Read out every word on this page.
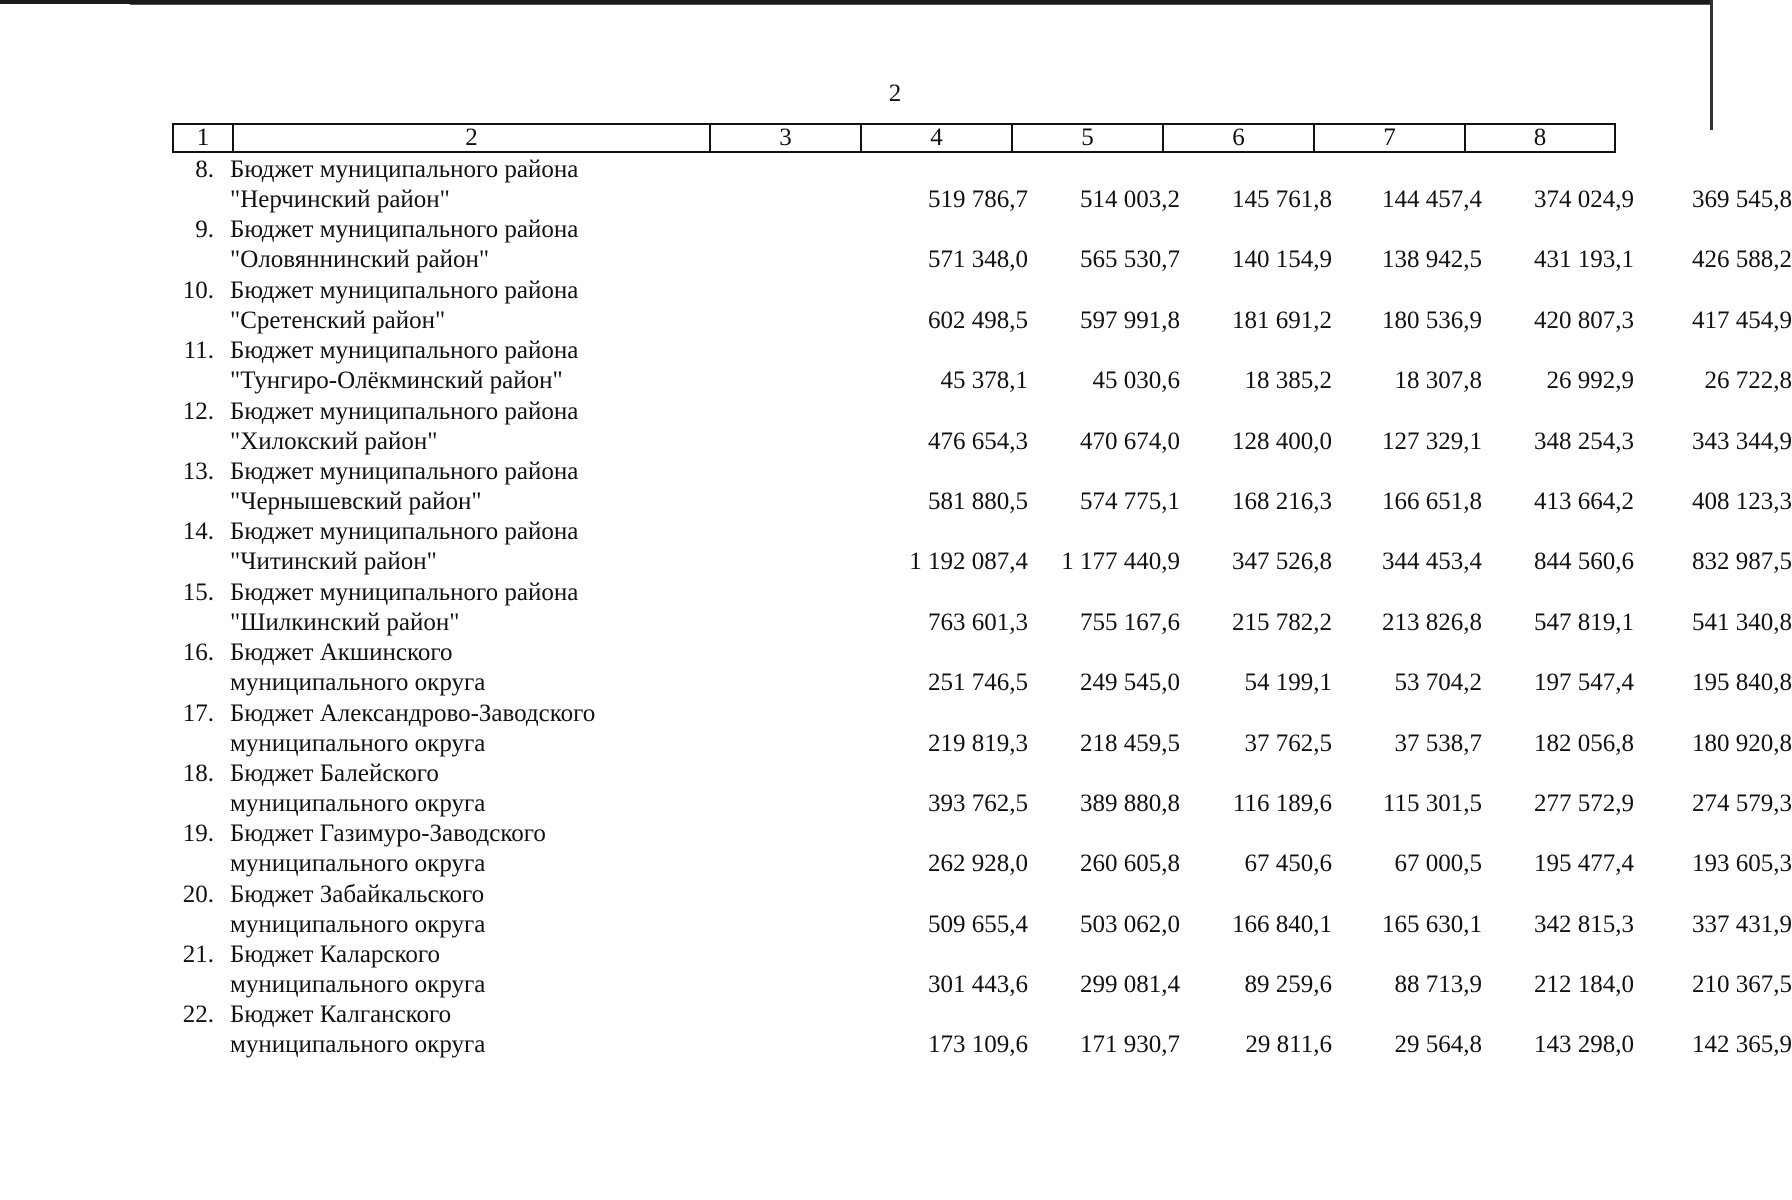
2
1	2	3	4	5	6	7	8
8. Бюджет муниципального района
"Нерчинский район"	519 786,7	514 003,2	145 761,8	144 457,4	374 024,9	369 545,8
9. Бюджет муниципального района
"Оловяннинский район"	571 348,0	565 530,7	140 154,9	138 942,5	431 193,1	426 588,2
10. Бюджет муниципального района
"Сретенский район"	602 498,5	597 991,8	181 691,2	180 536,9	420 807,3	417 454,9
11. Бюджет муниципального района
"Тунгиро-Олёкминский район"	45 378,1	45 030,6	18 385,2	18 307,8	26 992,9	26 722,8
12. Бюджет муниципального района
"Хилокский район"	476 654,3	470 674,0	128 400,0	127 329,1	348 254,3	343 344,9
13. Бюджет муниципального района
"Чернышевский район"	581 880,5	574 775,1	168 216,3	166 651,8	413 664,2	408 123,3
14. Бюджет муниципального района
"Читинский район"	1 192 087,4	1 177 440,9	347 526,8	344 453,4	844 560,6	832 987,5
15. Бюджет муниципального района
"Шилкинский район"	763 601,3	755 167,6	215 782,2	213 826,8	547 819,1	541 340,8
16. Бюджет Акшинского
муниципального округа	251 746,5	249 545,0	54 199,1	53 704,2	197 547,4	195 840,8
17. Бюджет Александрово-Заводского
муниципального округа	219 819,3	218 459,5	37 762,5	37 538,7	182 056,8	180 920,8
18. Бюджет Балейского
муниципального округа	393 762,5	389 880,8	116 189,6	115 301,5	277 572,9	274 579,3
19. Бюджет Газимуро-Заводского
муниципального округа	262 928,0	260 605,8	67 450,6	67 000,5	195 477,4	193 605,3
20. Бюджет Забайкальского
муниципального округа	509 655,4	503 062,0	166 840,1	165 630,1	342 815,3	337 431,9
21. Бюджет Каларского
муниципального округа	301 443,6	299 081,4	89 259,6	88 713,9	212 184,0	210 367,5
22. Бюджет Калганского
муниципального округа	173 109,6	171 930,7	29 811,6	29 564,8	143 298,0	142 365,9
